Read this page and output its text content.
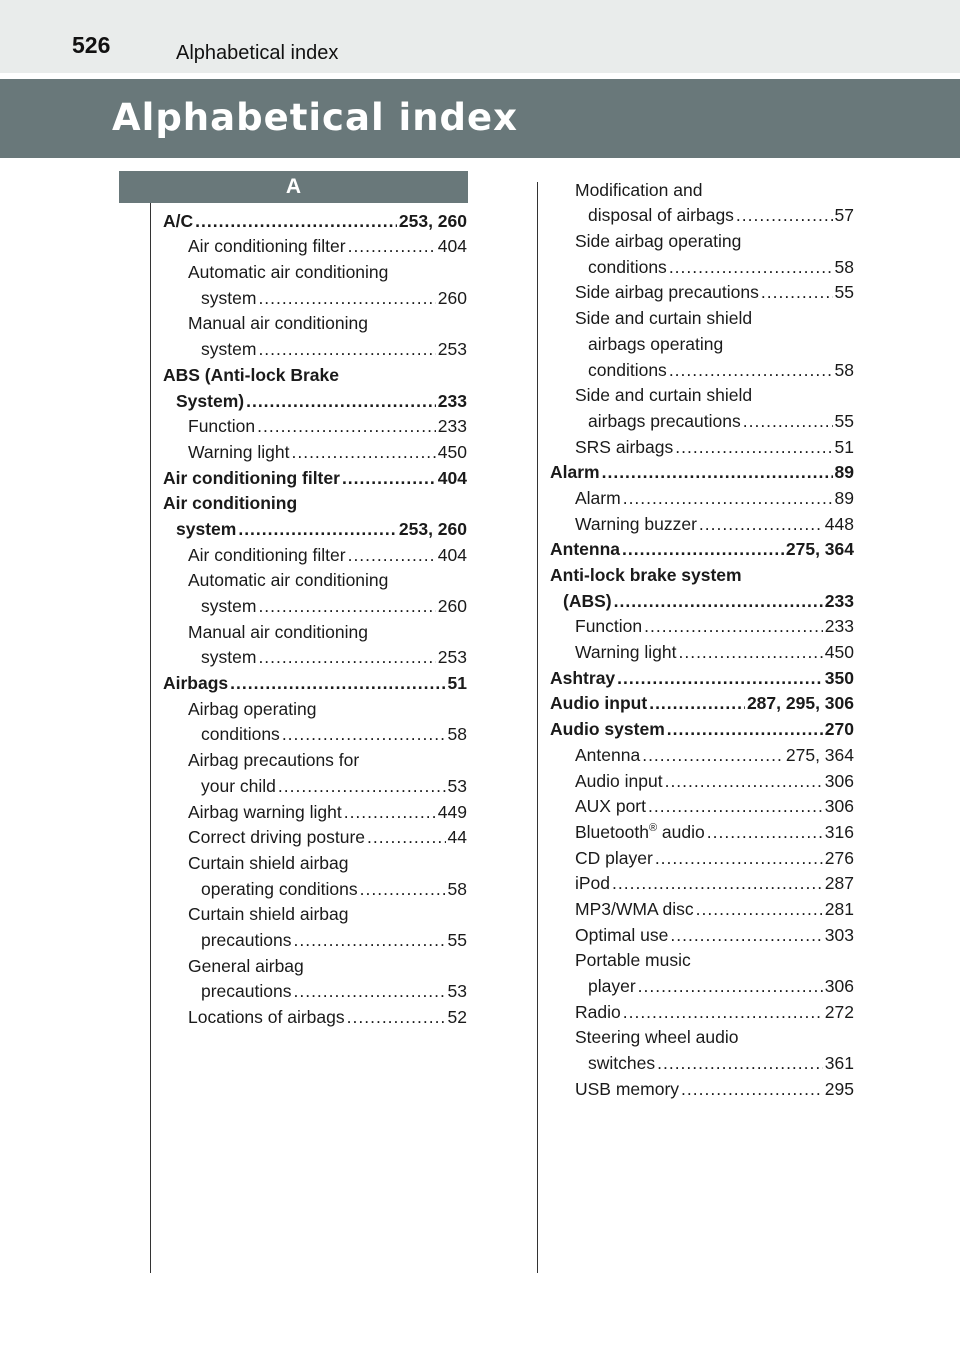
526	Alphabetical index
Alphabetical index
A
A/C .....	253, 260
Air conditioning filter .....	404
Automatic air conditioning
system .....	260
Manual air conditioning
system .....	253
ABS (Anti-lock Brake
System) .....	233
Function .....	233
Warning light .....	450
Air conditioning filter .....	404
Air conditioning
system .....	253, 260
Air conditioning filter .....	404
Automatic air conditioning
system .....	260
Manual air conditioning
system .....	253
Airbags .....	51
Airbag operating
conditions .....	58
Airbag precautions for
your child .....	53
Airbag warning light .....	449
Correct driving posture .....	44
Curtain shield airbag
operating conditions .....	58
Curtain shield airbag
precautions .....	55
General airbag
precautions .....	53
Locations of airbags .....	52
Modification and
disposal of airbags .....	57
Side airbag operating
conditions .....	58
Side airbag precautions .....	55
Side and curtain shield
airbags operating
conditions .....	58
Side and curtain shield
airbags precautions .....	55
SRS airbags .....	51
Alarm .....	89
Alarm .....	89
Warning buzzer .....	448
Antenna .....	275, 364
Anti-lock brake system
(ABS) .....	233
Function .....	233
Warning light .....	450
Ashtray .....	350
Audio input .....	287, 295, 306
Audio system .....	270
Antenna .....	275, 364
Audio input .....	306
AUX port .....	306
Bluetooth® audio .....	316
CD player .....	276
iPod .....	287
MP3/WMA disc .....	281
Optimal use .....	303
Portable music
player .....	306
Radio .....	272
Steering wheel audio
switches .....	361
USB memory .....	295
